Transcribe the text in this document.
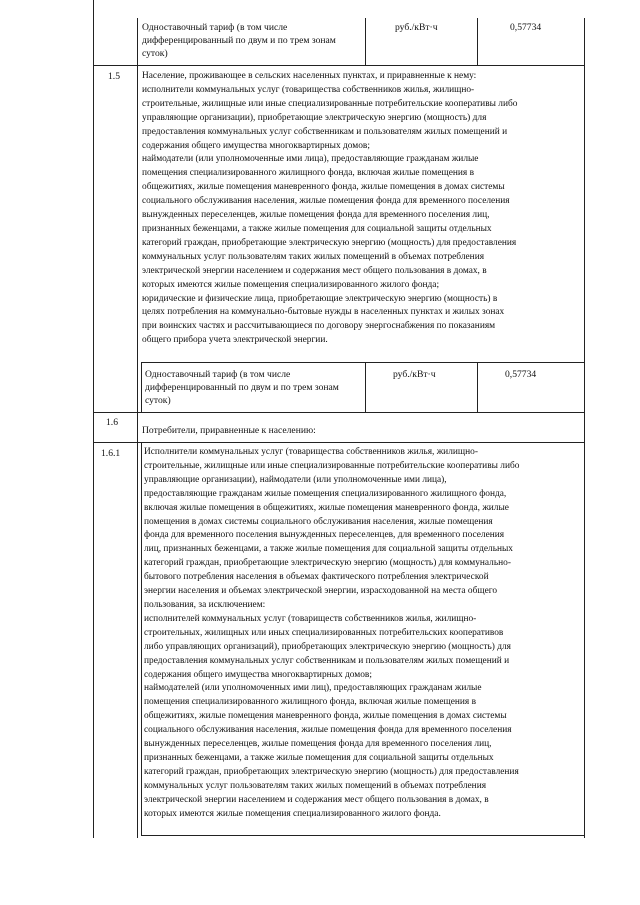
Одноставочный тариф (в том числе
дифференцированный по двум и по трем зонам
суток)
руб./кВт·ч	0,57734
1.5 Население, проживающее в сельских населенных пунктах, и приравненные к нему:
исполнители коммунальных услуг (товарищества собственников жилья, жилищно-
строительные, жилищные или иные специализированные потребительские кооперативы либо
управляющие организации), приобретающие электрическую энергию (мощность) для
предоставления коммунальных услуг собственникам и пользователям жилых помещений и
содержания общего имущества многоквартирных домов;
наймодатели (или уполномоченные ими лица), предоставляющие гражданам жилые
помещения специализированного жилищного фонда, включая жилые помещения в
общежитиях, жилые помещения маневренного фонда, жилые помещения в домах системы
социального обслуживания населения, жилые помещения фонда для временного поселения
вынужденных переселенцев, жилые помещения фонда для временного поселения лиц,
признанных беженцами, а также жилые помещения для социальной защиты отдельных
категорий граждан, приобретающие электрическую энергию (мощность) для предоставления
коммунальных услуг пользователям таких жилых помещений в объемах потребления
электрической энергии населением и содержания мест общего пользования в домах, в
которых имеются жилые помещения специализированного жилого фонда;
юридические и физические лица, приобретающие электрическую энергию (мощность) в
целях потребления на коммунально-бытовые нужды в населенных пунктах и жилых зонах
при воинских частях и рассчитывающиеся по договору энергоснабжения по показаниям
общего прибора учета электрической энергии.
Одноставочный тариф (в том числе
дифференцированный по двум и по трем зонам
суток)
руб./кВт·ч	0,57734
1.6
Потребители, приравненные к населению:
1.6.1	Исполнители коммунальных услуг (товарищества собственников жилья, жилищно-
строительные, жилищные или иные специализированные потребительские кооперативы либо
управляющие организации), наймодатели (или уполномоченные ими лица),
предоставляющие гражданам жилые помещения специализированного жилищного фонда,
включая жилые помещения в общежитиях, жилые помещения маневренного фонда, жилые
помещения в домах системы социального обслуживания населения, жилые помещения
фонда для временного поселения вынужденных переселенцев, для временного поселения
лиц, признанных беженцами, а также жилые помещения для социальной защиты отдельных
категорий граждан, приобретающие электрическую энергию (мощность) для коммунально-
бытового потребления населения в объемах фактического потребления электрической
энергии населения и объемах электрической энергии, израсходованной на места общего
пользования, за исключением:
исполнителей коммунальных услуг (товариществ собственников жилья, жилищно-
строительных, жилищных или иных специализированных потребительских кооперативов
либо управляющих организаций), приобретающих электрическую энергию (мощность) для
предоставления коммунальных услуг собственникам и пользователям жилых помещений и
содержания общего имущества многоквартирных домов;
наймодателей (или уполномоченных ими лиц), предоставляющих гражданам жилые
помещения специализированного жилищного фонда, включая жилые помещения в
общежитиях, жилые помещения маневренного фонда, жилые помещения в домах системы
социального обслуживания населения, жилые помещения фонда для временного поселения
вынужденных переселенцев, жилые помещения фонда для временного поселения лиц,
признанных беженцами, а также жилые помещения для социальной защиты отдельных
категорий граждан, приобретающих электрическую энергию (мощность) для предоставления
коммунальных услуг пользователям таких жилых помещений в объемах потребления
электрической энергии населением и содержания мест общего пользования в домах, в
которых имеются жилые помещения специализированного жилого фонда.
